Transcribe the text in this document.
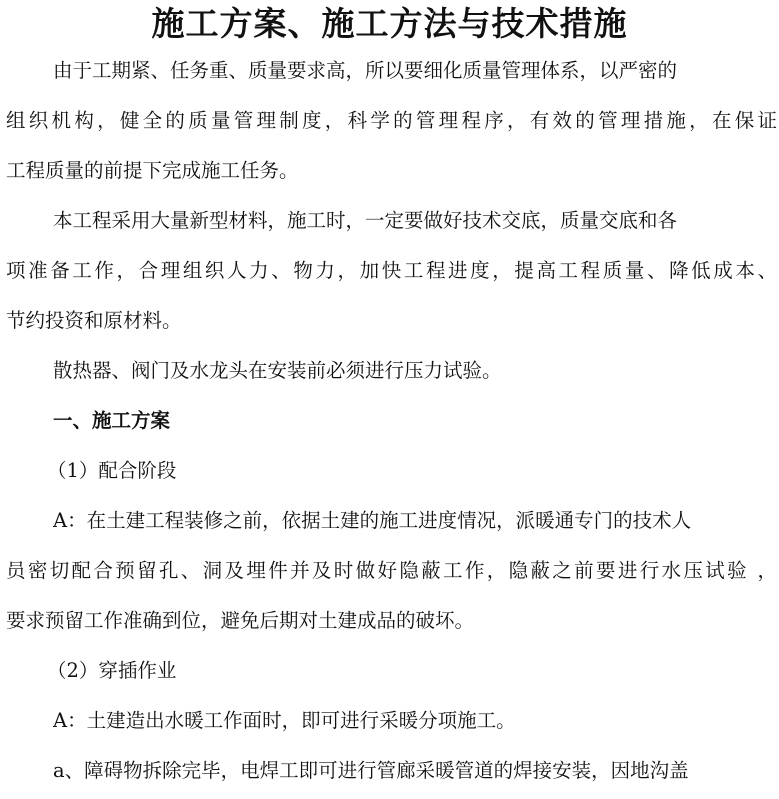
施工方案、施工方法与技术措施
由于工期紧、任务重、质量要求高，所以要细化质量管理体系，以严密的
组织机构，健全的质量管理制度，科学的管理程序，有效的管理措施，在保证
工程质量的前提下完成施工任务。
本工程采用大量新型材料，施工时，一定要做好技术交底，质量交底和各
项准备工作，合理组织人力、物力，加快工程进度，提高工程质量、降低成本、
节约投资和原材料。
散热器、阀门及水龙头在安装前必须进行压力试验。
一、施工方案
（1）配合阶段
A：在土建工程装修之前，依据土建的施工进度情况，派暖通专门的技术人
员密切配合预留孔、洞及埋件并及时做好隐蔽工作，隐蔽之前要进行水压试验 ，
要求预留工作准确到位，避免后期对土建成品的破坏。
（2）穿插作业
A：土建造出水暖工作面时，即可进行采暖分项施工。
a、障碍物拆除完毕，电焊工即可进行管廊采暖管道的焊接安装，因地沟盖
